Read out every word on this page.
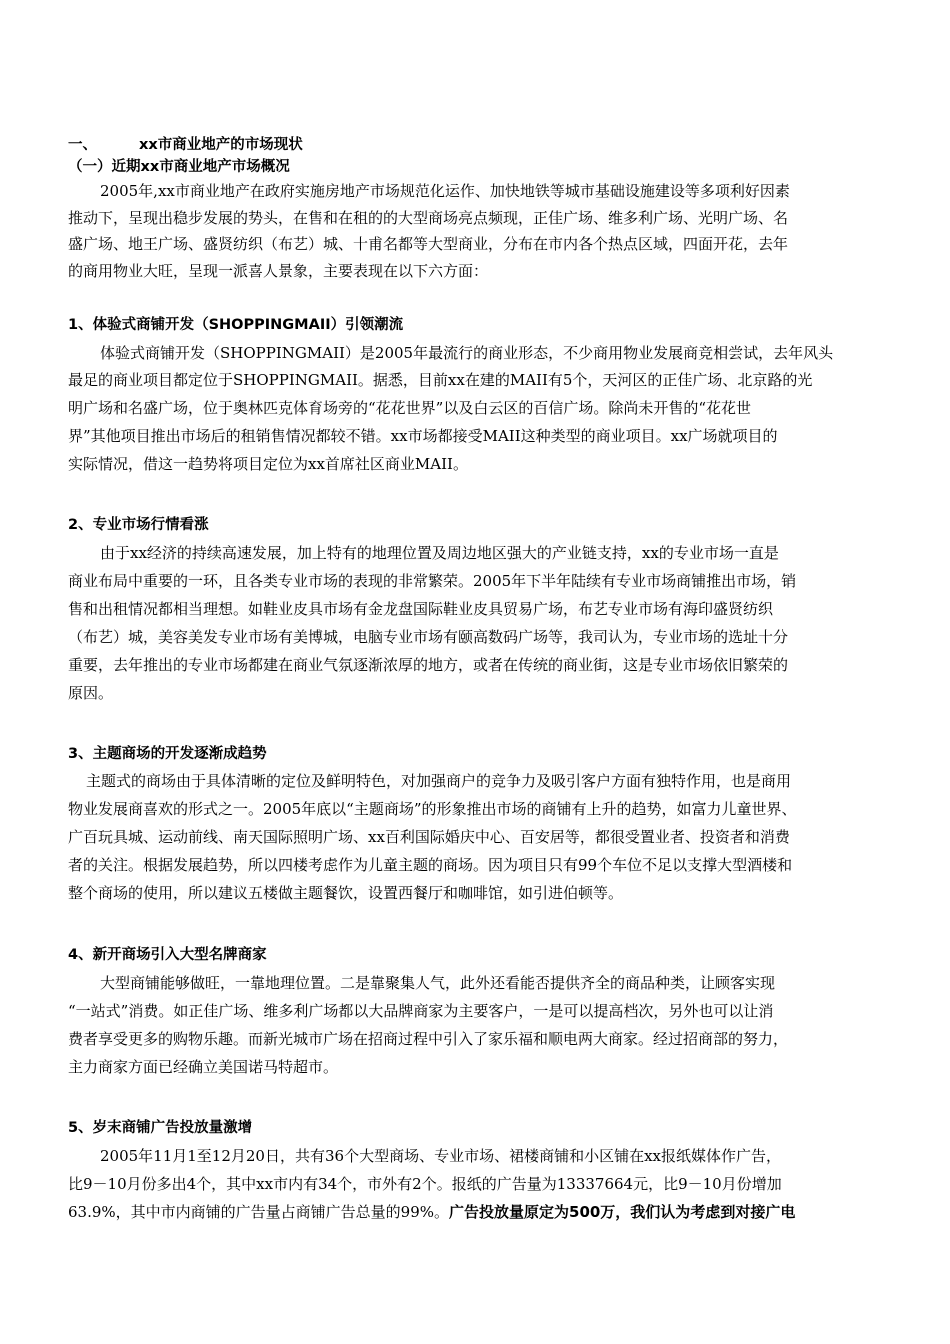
一、	xx市商业地产的市场现状
（一）近期xx市商业地产市场概况
2005年,xx市商业地产在政府实施房地产市场规范化运作、加快地铁等城市基础设施建设等多项利好因素
推动下，呈现出稳步发展的势头，在售和在租的的大型商场亮点频现，正佳广场、维多利广场、光明广场、名
盛广场、地王广场、盛贤纺织（布艺）城、十甫名都等大型商业，分布在市内各个热点区域，四面开花，去年
的商用物业大旺，呈现一派喜人景象，主要表现在以下六方面：
1、体验式商铺开发（SHOPPINGMAII）引领潮流
体验式商铺开发（SHOPPINGMAII）是2005年最流行的商业形态，不少商用物业发展商竞相尝试，去年风头
最足的商业项目都定位于SHOPPINGMAII。据悉，目前xx在建的MAII有5个，天河区的正佳广场、北京路的光
明广场和名盛广场，位于奥林匹克体育场旁的“花花世界”以及白云区的百信广场。除尚未开售的“花花世
界”其他项目推出市场后的租销售情况都较不错。xx市场都接受MAII这种类型的商业项目。xx广场就项目的
实际情况，借这一趋势将项目定位为xx首席社区商业MAII。
2、专业市场行情看涨
由于xx经济的持续高速发展，加上特有的地理位置及周边地区强大的产业链支持，xx的专业市场一直是
商业布局中重要的一环，且各类专业市场的表现的非常繁荣。2005年下半年陆续有专业市场商铺推出市场，销
售和出租情况都相当理想。如鞋业皮具市场有金龙盘国际鞋业皮具贸易广场，布艺专业市场有海印盛贤纺织
（布艺）城，美容美发专业市场有美博城，电脑专业市场有颐高数码广场等，我司认为，专业市场的选址十分
重要，去年推出的专业市场都建在商业气氛逐渐浓厚的地方，或者在传统的商业街，这是专业市场依旧繁荣的
原因。
3、主题商场的开发逐渐成趋势
主题式的商场由于具体清晰的定位及鲜明特色，对加强商户的竞争力及吸引客户方面有独特作用，也是商用
物业发展商喜欢的形式之一。2005年底以“主题商场”的形象推出市场的商铺有上升的趋势，如富力儿童世界、
广百玩具城、运动前线、南天国际照明广场、xx百利国际婚庆中心、百安居等，都很受置业者、投资者和消费
者的关注。根据发展趋势，所以四楼考虑作为儿童主题的商场。因为项目只有99个车位不足以支撑大型酒楼和
整个商场的使用，所以建议五楼做主题餐饮，设置西餐厅和咖啡馆，如引进伯顿等。
4、新开商场引入大型名牌商家
大型商铺能够做旺，一靠地理位置。二是靠聚集人气，此外还看能否提供齐全的商品种类，让顾客实现
“一站式”消费。如正佳广场、维多利广场都以大品牌商家为主要客户，一是可以提高档次，另外也可以让消
费者享受更多的购物乐趣。而新光城市广场在招商过程中引入了家乐福和顺电两大商家。经过招商部的努力，
主力商家方面已经确立美国诺马特超市。
5、岁末商铺广告投放量激增
2005年11月1至12月20日，共有36个大型商场、专业市场、裙楼商铺和小区铺在xx报纸媒体作广告，
比9－10月份多出4个，其中xx市内有34个，市外有2个。报纸的广告量为13337664元，比9－10月份增加
63.9%，其中市内商铺的广告量占商铺广告总量的99%。广告投放量原定为500万，我们认为考虑到对接广电
